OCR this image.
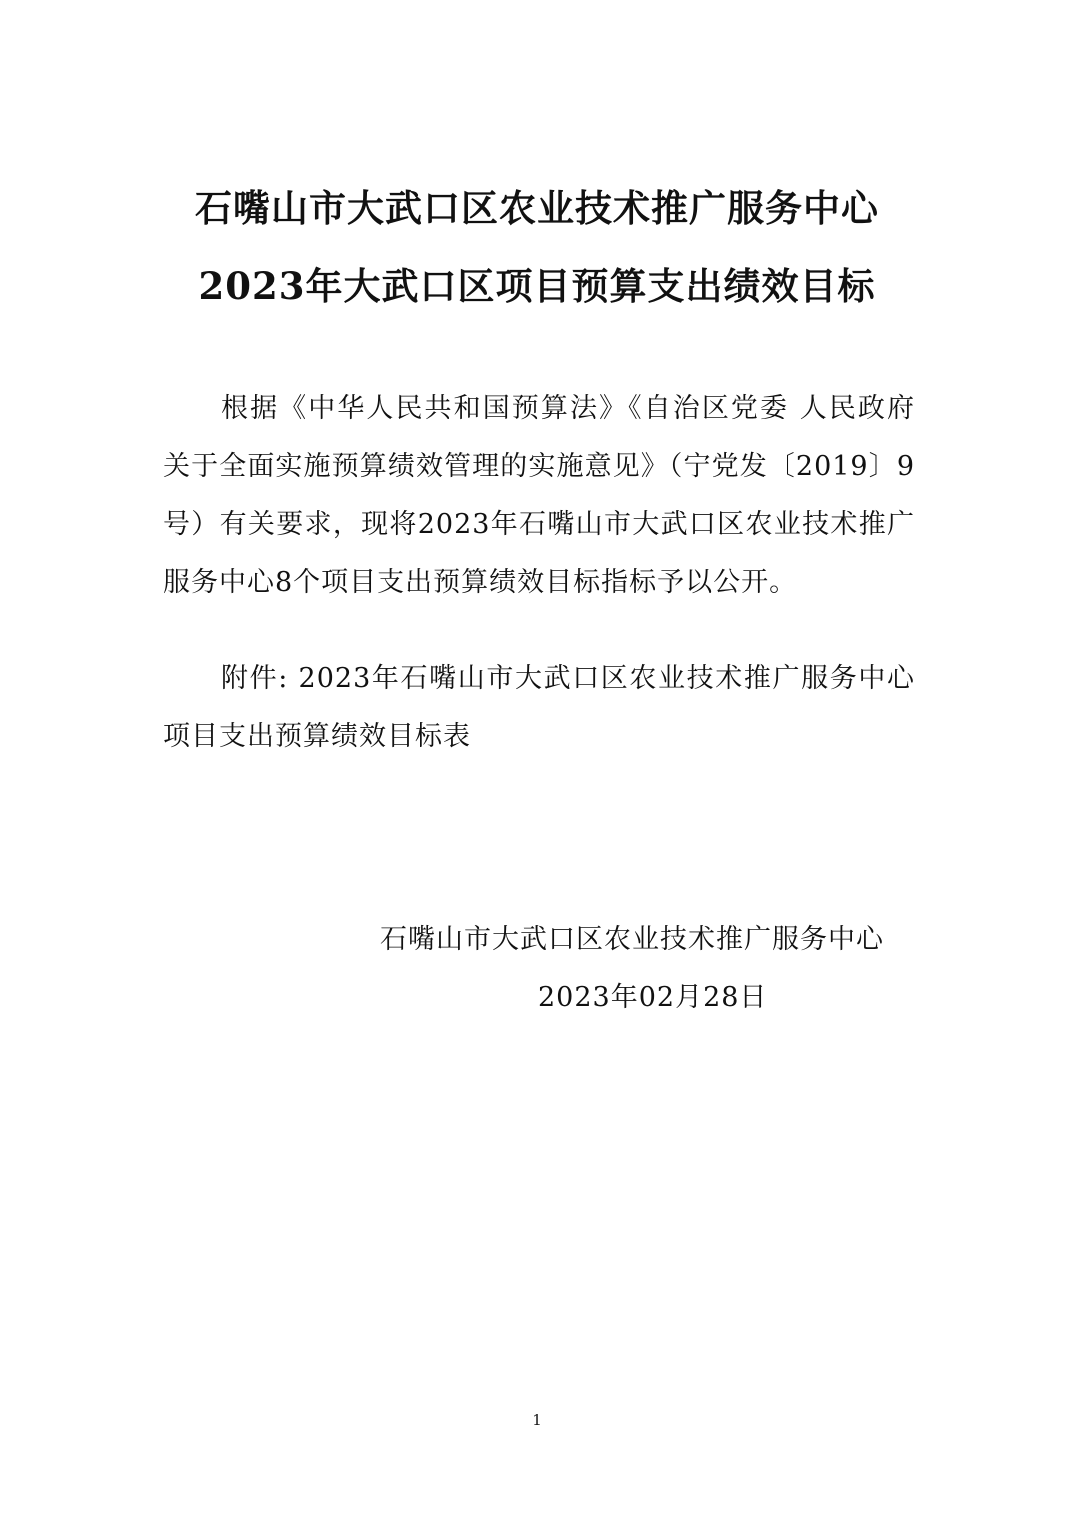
石嘴山市大武口区农业技术推广服务中心
2023年大武口区项目预算支出绩效目标
根据《中华人民共和国预算法》《自治区党委 人民政府关于全面实施预算绩效管理的实施意见》（宁党发〔2019〕9号）有关要求，现将2023年石嘴山市大武口区农业技术推广服务中心8个项目支出预算绩效目标指标予以公开。
附件: 2023年石嘴山市大武口区农业技术推广服务中心项目支出预算绩效目标表
石嘴山市大武口区农业技术推广服务中心
2023年02月28日
1
